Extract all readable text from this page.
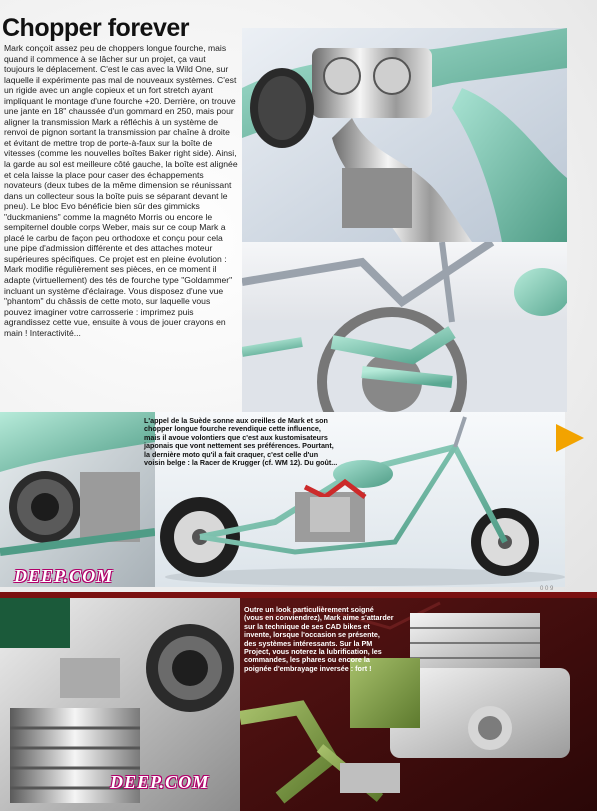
Chopper forever
Mark conçoit assez peu de choppers longue fourche, mais quand il commence à se lâcher sur un projet, ça vaut toujours le déplacement. C'est le cas avec la Wild One, sur laquelle il expérimente pas mal de nouveaux systèmes. C'est un rigide avec un angle copieux et un fort stretch ayant impliquant le montage d'une fourche +20. Derrière, on trouve une jante en 18" chaussée d'un gommard en 250, mais pour aligner la transmission Mark a réfléchis à un système de renvoi de pignon sortant la transmission par chaîne à droite et évitant de mettre trop de porte-à-faux sur la boîte de vitesses (comme les nouvelles boîtes Baker right side). Ainsi, la garde au sol est meilleure côté gauche, la boîte est alignée et cela laisse la place pour caser des échappements novateurs (deux tubes de la même dimension se réunissant dans un collecteur sous la boîte puis se séparant devant le pneu). Le bloc Evo bénéficie bien sûr des gimmicks "duckmaniens" comme la magnéto Morris ou encore le sempiternel double corps Weber, mais sur ce coup Mark a placé le carbu de façon peu orthodoxe et conçu pour cela une pipe d'admission différente et des attaches moteur supérieures spécifiques. Ce projet est en pleine évolution : Mark modifie régulièrement ses pièces, en ce moment il adapte (virtuellement) des tés de fourche type "Goldammer" incluant un système d'éclairage. Vous disposez d'une vue "phantom" du châssis de cette moto, sur laquelle vous pouvez imaginer votre carrosserie : imprimez puis agrandissez cette vue, ensuite à vous de jouer crayons en main ! Interactivité...
L'appel de la Suède sonne aux oreilles de Mark et son chopper longue fourche revendique cette influence, mais il avoue volontiers que c'est aux kustomisateurs japonais que vont nettement ses préférences. Pourtant, la dernière moto qu'il a fait craquer, c'est celle d'un voisin belge : la Racer de Krugger (cf. WM 12). Du goût...
DEEP.COM
0 0 9
Outre un look particulièrement soigné (vous en conviendrez), Mark aime s'attarder sur la technique de ses CAD bikes et invente, lorsque l'occasion se présente, des systèmes intéressants. Sur la PM Project, vous noterez la lubrification, les commandes, les phares ou encore la poignée d'embrayage inversée : fort !
DEEP.COM
